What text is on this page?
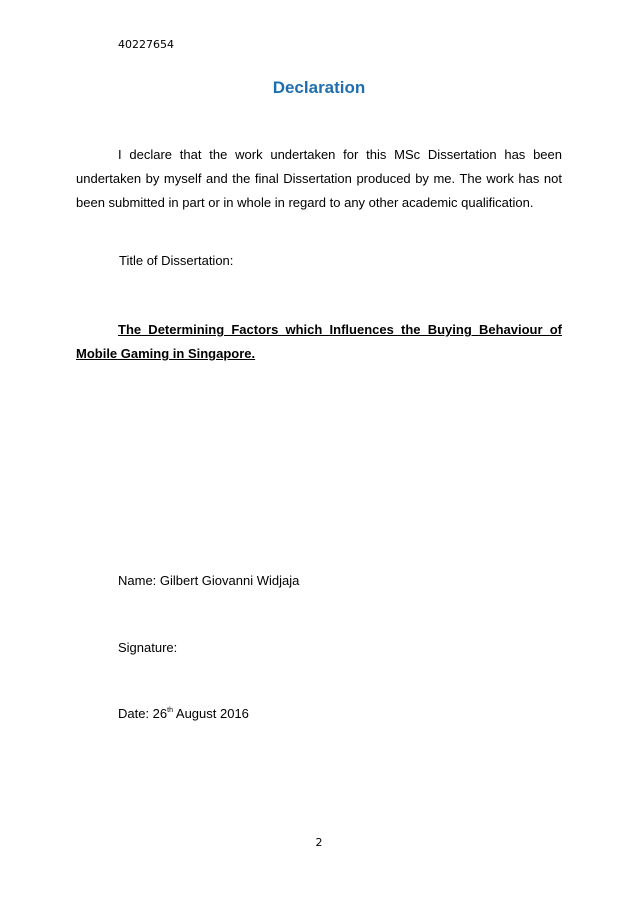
40227654
Declaration

I declare that the work undertaken for this MSc Dissertation has been undertaken by myself and the final Dissertation produced by me. The work has not been submitted in part or in whole in regard to any other academic qualification.

Title of Dissertation:

The Determining Factors which Influences the Buying Behaviour of Mobile Gaming in Singapore.

Name: Gilbert Giovanni Widjaja
Signature:
Date: 26th August 2016
2
